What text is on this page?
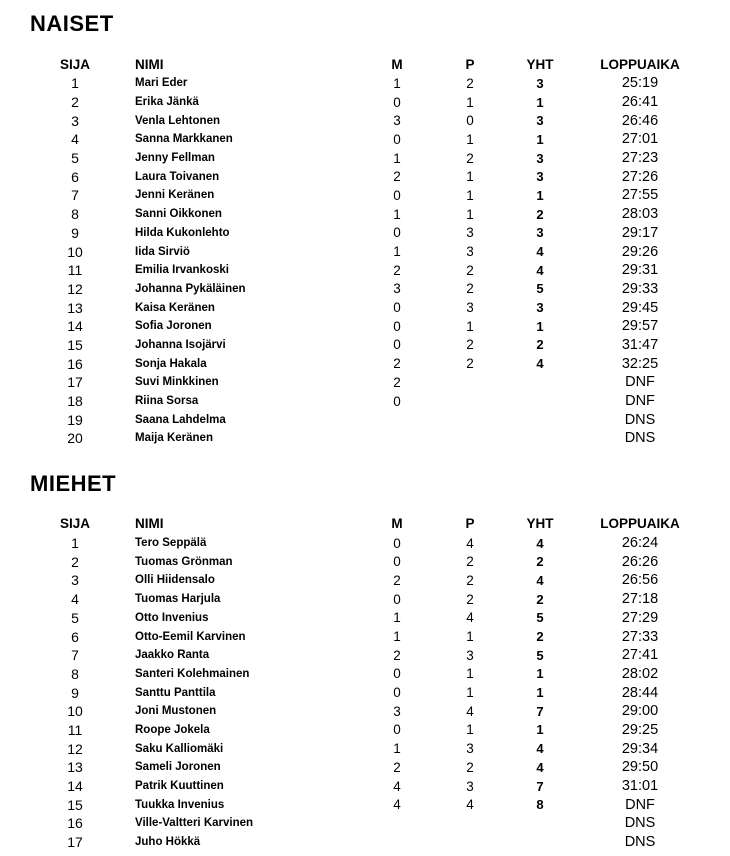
NAISET
SIJA	NIMI	M	P	YHT	LOPPUAIKA
1	Mari Eder	1	2	3	25:19
2	Erika Jänkä	0	1	1	26:41
3	Venla Lehtonen	3	0	3	26:46
4	Sanna Markkanen	0	1	1	27:01
5	Jenny Fellman	1	2	3	27:23
6	Laura Toivanen	2	1	3	27:26
7	Jenni Keränen	0	1	1	27:55
8	Sanni Oikkonen	1	1	2	28:03
9	Hilda Kukonlehto	0	3	3	29:17
10	Iida Sirviö	1	3	4	29:26
11	Emilia Irvankoski	2	2	4	29:31
12	Johanna Pykäläinen	3	2	5	29:33
13	Kaisa Keränen	0	3	3	29:45
14	Sofia Joronen	0	1	1	29:57
15	Johanna Isojärvi	0	2	2	31:47
16	Sonja Hakala	2	2	4	32:25
17	Suvi Minkkinen	2			DNF
18	Riina Sorsa	0			DNF
19	Saana Lahdelma				DNS
20	Maija Keränen				DNS
MIEHET
SIJA	NIMI	M	P	YHT	LOPPUAIKA
1	Tero Seppälä	0	4	4	26:24
2	Tuomas Grönman	0	2	2	26:26
3	Olli Hiidensalo	2	2	4	26:56
4	Tuomas Harjula	0	2	2	27:18
5	Otto Invenius	1	4	5	27:29
6	Otto-Eemil Karvinen	1	1	2	27:33
7	Jaakko Ranta	2	3	5	27:41
8	Santeri Kolehmainen	0	1	1	28:02
9	Santtu Panttila	0	1	1	28:44
10	Joni Mustonen	3	4	7	29:00
11	Roope Jokela	0	1	1	29:25
12	Saku Kalliomäki	1	3	4	29:34
13	Sameli Joronen	2	2	4	29:50
14	Patrik Kuuttinen	4	3	7	31:01
15	Tuukka Invenius	4	4	8	DNF
16	Ville-Valtteri Karvinen				DNS
17	Juho Hökkä				DNS
